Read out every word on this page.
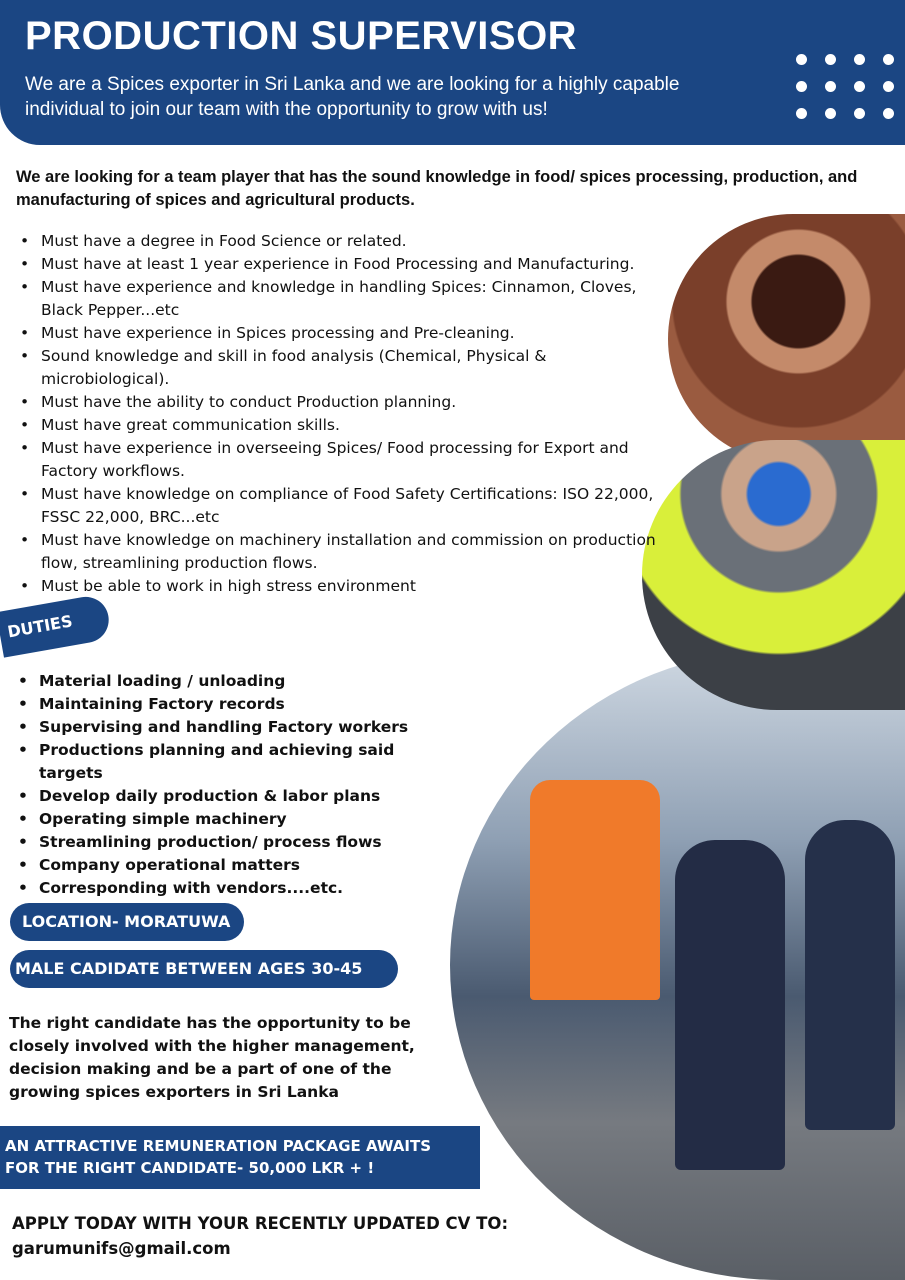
PRODUCTION SUPERVISOR
We are a Spices exporter in Sri Lanka and we are looking for a highly capable individual to join our team with the opportunity to grow with us!
We are looking for a team player that has the sound knowledge in food/ spices processing, production, and manufacturing of spices and agricultural products.
• Must have a degree in Food Science or related.
• Must have at least 1 year experience in Food Processing and Manufacturing.
• Must have experience and knowledge in handling Spices: Cinnamon, Cloves, Black Pepper...etc
• Must have experience in Spices processing and Pre-cleaning.
• Sound knowledge and skill in food analysis (Chemical, Physical & microbiological).
• Must have the ability to conduct Production planning.
• Must have great communication skills.
• Must have experience in overseeing Spices/ Food processing for Export and Factory workflows.
• Must have knowledge on compliance of Food Safety Certifications: ISO 22,000, FSSC 22,000, BRC...etc
• Must have knowledge on machinery installation and commission on production flow, streamlining production flows.
• Must be able to work in high stress environment
DUTIES
• Material loading / unloading
• Maintaining Factory records
• Supervising and handling Factory workers
• Productions planning and achieving said targets
• Develop daily production & labor plans
• Operating simple machinery
• Streamlining production/ process flows
• Company operational matters
• Corresponding with vendors....etc.
LOCATION- MORATUWA
MALE CADIDATE BETWEEN AGES 30-45
The right candidate has the opportunity to be closely involved with the higher management, decision making and be a part of one of the growing spices exporters in Sri Lanka
AN ATTRACTIVE REMUNERATION PACKAGE AWAITS
FOR THE RIGHT CANDIDATE- 50,000 LKR + !
APPLY TODAY WITH YOUR RECENTLY UPDATED CV TO:
garumunifs@gmail.com
